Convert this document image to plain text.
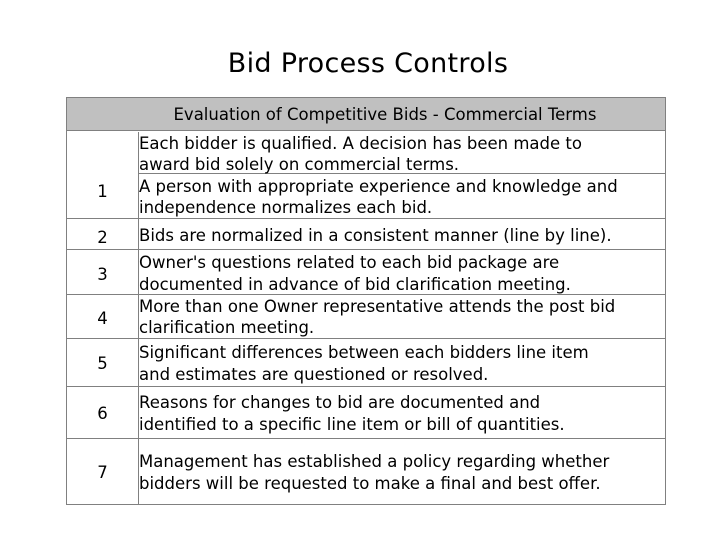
Bid Process Controls
Evaluation of Competitive Bids - Commercial Terms
1
2
3
4
5
6
7
Each bidder is qualified. A decision has been made to
award bid solely on commercial terms.
A person with appropriate experience and knowledge and
independence normalizes each bid.
Bids are normalized in a consistent manner (line by line).
Owner's questions related to each bid package are
documented in advance of bid clarification meeting.
More than one Owner representative attends the post bid
clarification meeting.
Significant differences between each bidders line item
and estimates are questioned or resolved.
Reasons for changes to bid are documented and
identified to a specific line item or bill of quantities.
Management has established a policy regarding whether
bidders will be requested to make a final and best offer.
